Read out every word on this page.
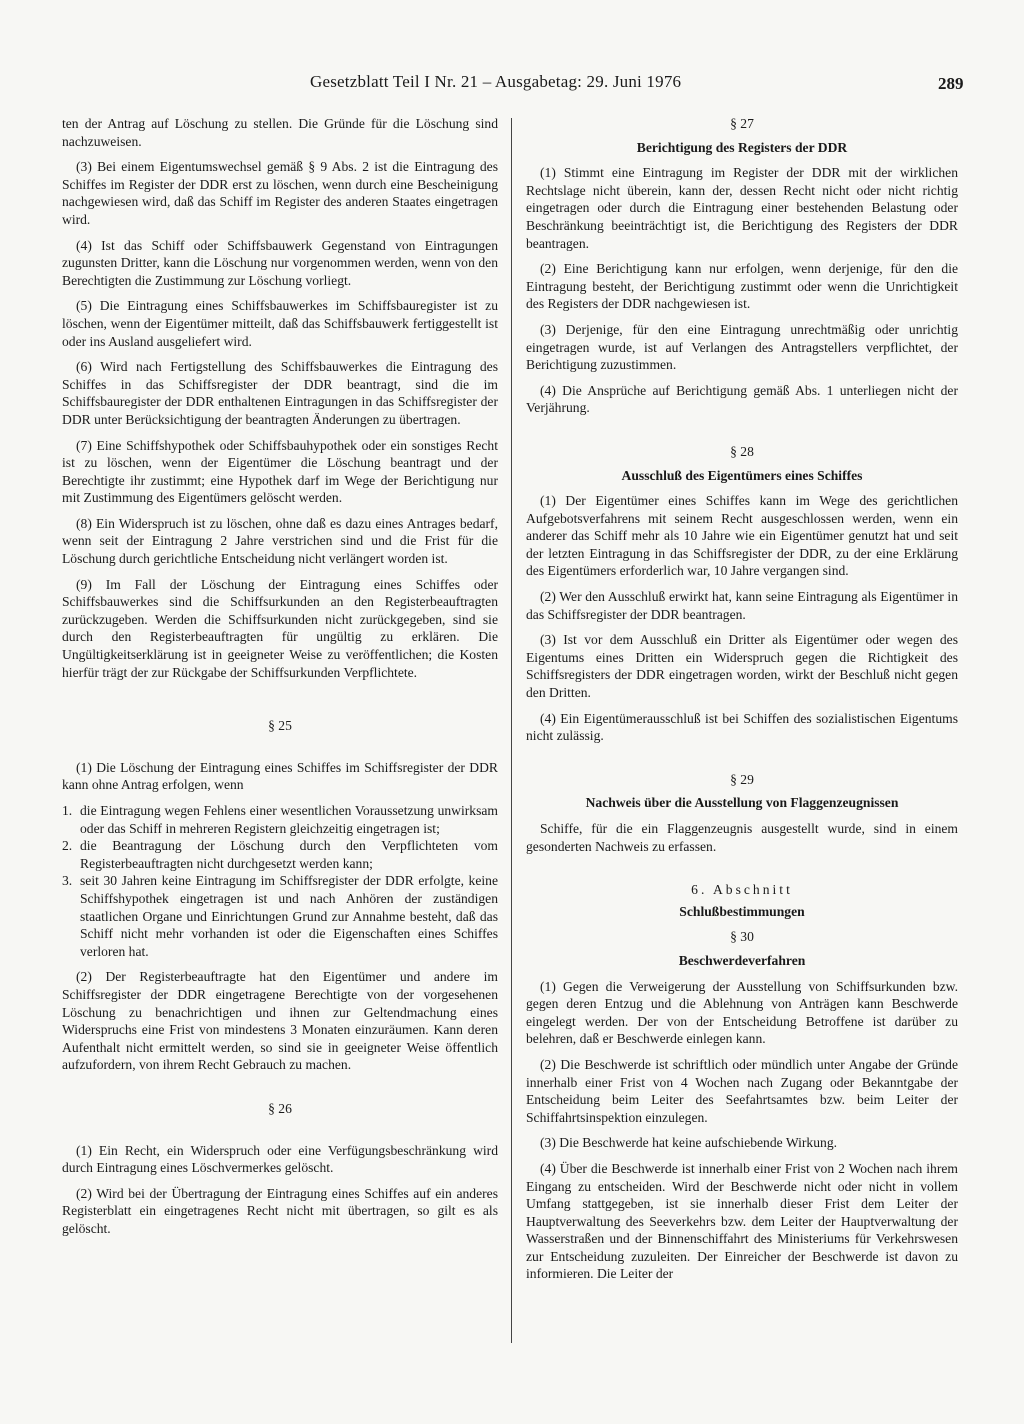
Gesetzblatt Teil I Nr. 21 – Ausgabetag: 29. Juni 1976	289

ten der Antrag auf Löschung zu stellen. Die Gründe für die Löschung sind nachzuweisen.

(3) Bei einem Eigentumswechsel gemäß § 9 Abs. 2 ist die Eintragung des Schiffes im Register der DDR erst zu löschen, wenn durch eine Bescheinigung nachgewiesen wird, daß das Schiff im Register des anderen Staates eingetragen wird.

(4) Ist das Schiff oder Schiffsbauwerk Gegenstand von Eintragungen zugunsten Dritter, kann die Löschung nur vorgenommen werden, wenn von den Berechtigten die Zustimmung zur Löschung vorliegt.

(5) Die Eintragung eines Schiffsbauwerkes im Schiffsbauregister ist zu löschen, wenn der Eigentümer mitteilt, daß das Schiffsbauwerk fertiggestellt ist oder ins Ausland ausgeliefert wird.

(6) Wird nach Fertigstellung des Schiffsbauwerkes die Eintragung des Schiffes in das Schiffsregister der DDR beantragt, sind die im Schiffsbauregister der DDR enthaltenen Eintragungen in das Schiffsregister der DDR unter Berücksichtigung der beantragten Änderungen zu übertragen.

(7) Eine Schiffshypothek oder Schiffsbauhypothek oder ein sonstiges Recht ist zu löschen, wenn der Eigentümer die Löschung beantragt und der Berechtigte ihr zustimmt; eine Hypothek darf im Wege der Berichtigung nur mit Zustimmung des Eigentümers gelöscht werden.

(8) Ein Widerspruch ist zu löschen, ohne daß es dazu eines Antrages bedarf, wenn seit der Eintragung 2 Jahre verstrichen sind und die Frist für die Löschung durch gerichtliche Entscheidung nicht verlängert worden ist.

(9) Im Fall der Löschung der Eintragung eines Schiffes oder Schiffsbauwerkes sind die Schiffsurkunden an den Registerbeauftragten zurückzugeben. Werden die Schiffsurkunden nicht zurückgegeben, sind sie durch den Registerbeauftragten für ungültig zu erklären. Die Ungültigkeitserklärung ist in geeigneter Weise zu veröffentlichen; die Kosten hierfür trägt der zur Rückgabe der Schiffsurkunden Verpflichtete.

§ 25

(1) Die Löschung der Eintragung eines Schiffes im Schiffsregister der DDR kann ohne Antrag erfolgen, wenn

1. die Eintragung wegen Fehlens einer wesentlichen Voraussetzung unwirksam oder das Schiff in mehreren Registern gleichzeitig eingetragen ist;
2. die Beantragung der Löschung durch den Verpflichteten vom Registerbeauftragten nicht durchgesetzt werden kann;
3. seit 30 Jahren keine Eintragung im Schiffsregister der DDR erfolgte, keine Schiffshypothek eingetragen ist und nach Anhören der zuständigen staatlichen Organe und Einrichtungen Grund zur Annahme besteht, daß das Schiff nicht mehr vorhanden ist oder die Eigenschaften eines Schiffes verloren hat.

(2) Der Registerbeauftragte hat den Eigentümer und andere im Schiffsregister der DDR eingetragene Berechtigte von der vorgesehenen Löschung zu benachrichtigen und ihnen zur Geltendmachung eines Widerspruchs eine Frist von mindestens 3 Monaten einzuräumen. Kann deren Aufenthalt nicht ermittelt werden, so sind sie in geeigneter Weise öffentlich aufzufordern, von ihrem Recht Gebrauch zu machen.

§ 26

(1) Ein Recht, ein Widerspruch oder eine Verfügungsbeschränkung wird durch Eintragung eines Löschvermerkes gelöscht.

(2) Wird bei der Übertragung der Eintragung eines Schiffes auf ein anderes Registerblatt ein eingetragenes Recht nicht mit übertragen, so gilt es als gelöscht.

§ 27
Berichtigung des Registers der DDR

(1) Stimmt eine Eintragung im Register der DDR mit der wirklichen Rechtslage nicht überein, kann der, dessen Recht nicht oder nicht richtig eingetragen oder durch die Eintragung einer bestehenden Belastung oder Beschränkung beeinträchtigt ist, die Berichtigung des Registers der DDR beantragen.

(2) Eine Berichtigung kann nur erfolgen, wenn derjenige, für den die Eintragung besteht, der Berichtigung zustimmt oder wenn die Unrichtigkeit des Registers der DDR nachgewiesen ist.

(3) Derjenige, für den eine Eintragung unrechtmäßig oder unrichtig eingetragen wurde, ist auf Verlangen des Antragstellers verpflichtet, der Berichtigung zuzustimmen.

(4) Die Ansprüche auf Berichtigung gemäß Abs. 1 unterliegen nicht der Verjährung.

§ 28
Ausschluß des Eigentümers eines Schiffes

(1) Der Eigentümer eines Schiffes kann im Wege des gerichtlichen Aufgebotsverfahrens mit seinem Recht ausgeschlossen werden, wenn ein anderer das Schiff mehr als 10 Jahre wie ein Eigentümer genutzt hat und seit der letzten Eintragung in das Schiffsregister der DDR, zu der eine Erklärung des Eigentümers erforderlich war, 10 Jahre vergangen sind.

(2) Wer den Ausschluß erwirkt hat, kann seine Eintragung als Eigentümer in das Schiffsregister der DDR beantragen.

(3) Ist vor dem Ausschluß ein Dritter als Eigentümer oder wegen des Eigentums eines Dritten ein Widerspruch gegen die Richtigkeit des Schiffsregisters der DDR eingetragen worden, wirkt der Beschluß nicht gegen den Dritten.

(4) Ein Eigentümerausschluß ist bei Schiffen des sozialistischen Eigentums nicht zulässig.

§ 29
Nachweis über die Ausstellung von Flaggenzeugnissen

Schiffe, für die ein Flaggenzeugnis ausgestellt wurde, sind in einem gesonderten Nachweis zu erfassen.

6. Abschnitt
Schlußbestimmungen
§ 30
Beschwerdeverfahren

(1) Gegen die Verweigerung der Ausstellung von Schiffsurkunden bzw. gegen deren Entzug und die Ablehnung von Anträgen kann Beschwerde eingelegt werden. Der von der Entscheidung Betroffene ist darüber zu belehren, daß er Beschwerde einlegen kann.

(2) Die Beschwerde ist schriftlich oder mündlich unter Angabe der Gründe innerhalb einer Frist von 4 Wochen nach Zugang oder Bekanntgabe der Entscheidung beim Leiter des Seefahrtsamtes bzw. beim Leiter der Schiffahrtsinspektion einzulegen.

(3) Die Beschwerde hat keine aufschiebende Wirkung.

(4) Über die Beschwerde ist innerhalb einer Frist von 2 Wochen nach ihrem Eingang zu entscheiden. Wird der Beschwerde nicht oder nicht in vollem Umfang stattgegeben, ist sie innerhalb dieser Frist dem Leiter der Hauptverwaltung des Seeverkehrs bzw. dem Leiter der Hauptverwaltung der Wasserstraßen und der Binnenschiffahrt des Ministeriums für Verkehrswesen zur Entscheidung zuzuleiten. Der Einreicher der Beschwerde ist davon zu informieren. Die Leiter der
